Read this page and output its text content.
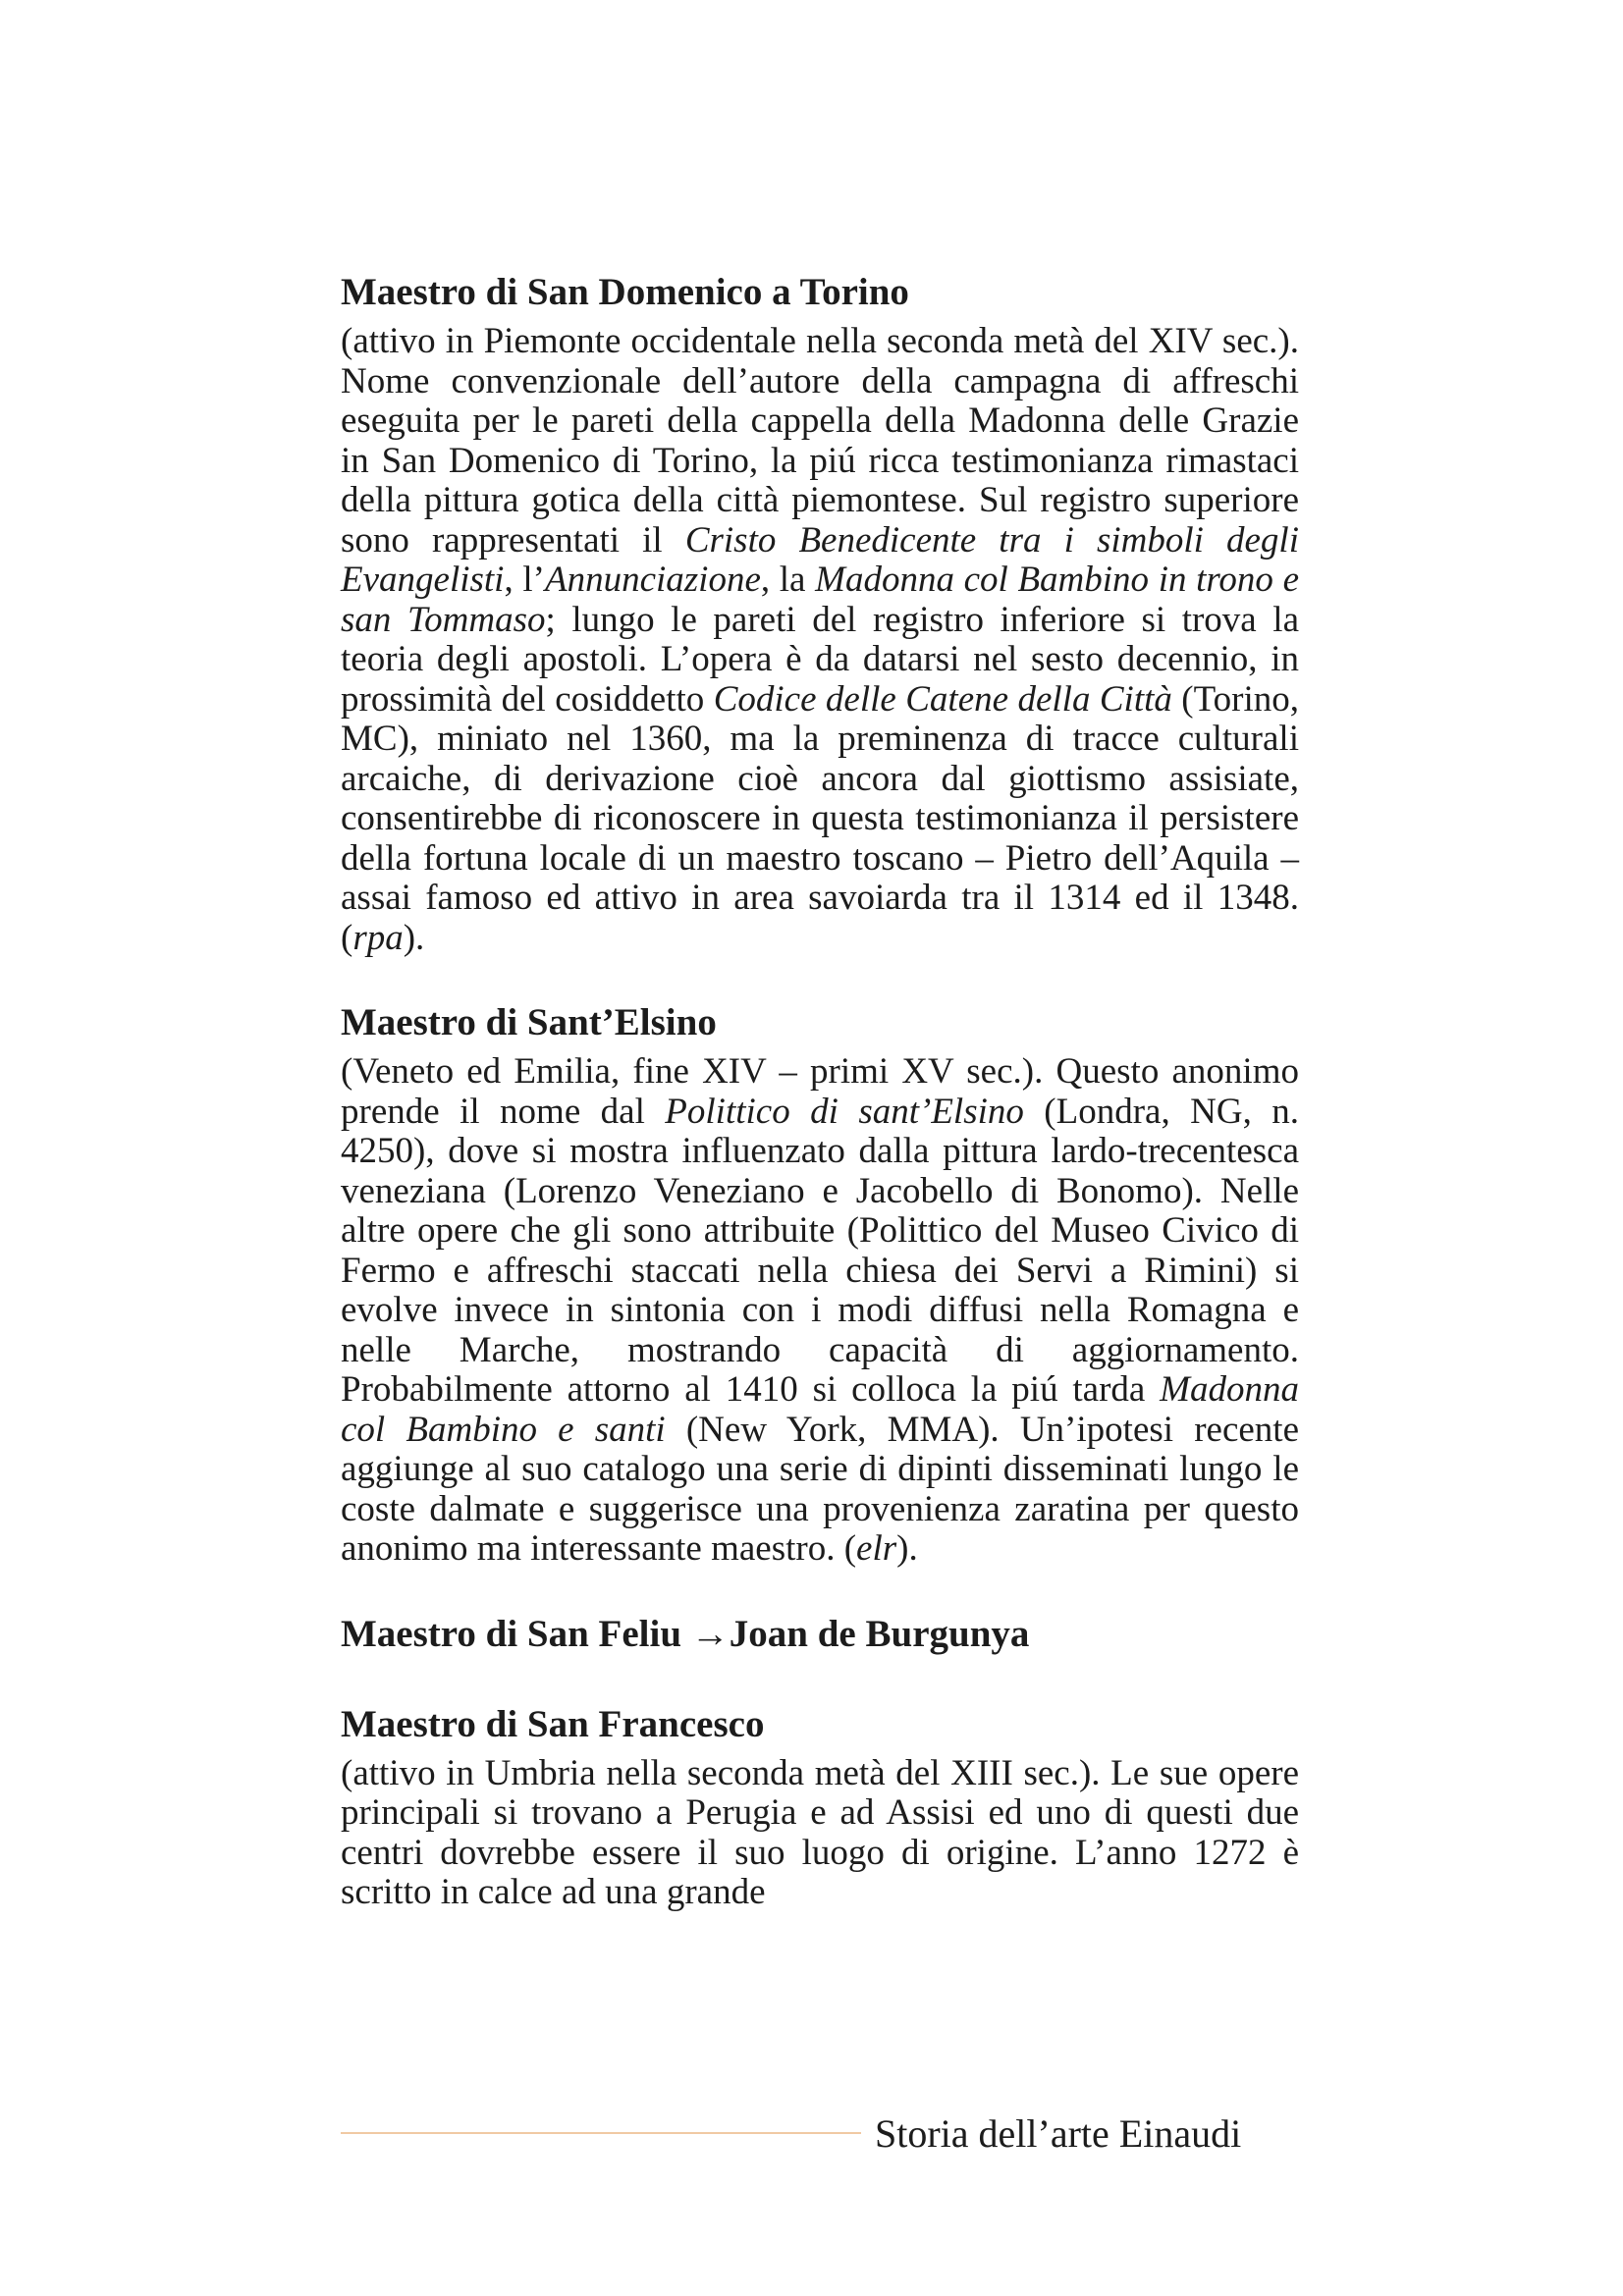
Maestro di San Domenico a Torino

(attivo in Piemonte occidentale nella seconda metà del XIV sec.). Nome convenzionale dell’autore della campagna di affreschi eseguita per le pareti della cappella della Madonna delle Grazie in San Domenico di Torino, la piú ricca testimonianza rimastaci della pittura gotica della città piemontese. Sul registro superiore sono rappresentati il Cristo Benedicente tra i simboli degli Evangelisti, l’Annunciazione, la Madonna col Bambino in trono e san Tommaso; lungo le pareti del registro inferiore si trova la teoria degli apostoli. L’opera è da datarsi nel sesto decennio, in prossimità del cosiddetto Codice delle Catene della Città (Torino, MC), miniato nel 1360, ma la preminenza di tracce culturali arcaiche, di derivazione cioè ancora dal giottismo assisiate, consentirebbe di riconoscere in questa testimonianza il persistere della fortuna locale di un maestro toscano – Pietro dell’Aquila – assai famoso ed attivo in area savoiarda tra il 1314 ed il 1348. (rpa).

Maestro di Sant’Elsino

(Veneto ed Emilia, fine XIV – primi XV sec.). Questo anonimo prende il nome dal Polittico di sant’Elsino (Londra, NG, n. 4250), dove si mostra influenzato dalla pittura lardo-trecentesca veneziana (Lorenzo Veneziano e Jacobello di Bonomo). Nelle altre opere che gli sono attribuite (Polittico del Museo Civico di Fermo e affreschi staccati nella chiesa dei Servi a Rimini) si evolve invece in sintonia con i modi diffusi nella Romagna e nelle Marche, mostrando capacità di aggiornamento. Probabilmente attorno al 1410 si colloca la piú tarda Madonna col Bambino e santi (New York, MMA). Un’ipotesi recente aggiunge al suo catalogo una serie di dipinti disseminati lungo le coste dalmate e suggerisce una provenienza zaratina per questo anonimo ma interessante maestro. (elr).

Maestro di San Feliu →Joan de Burgunya
Maestro di San Francesco

(attivo in Umbria nella seconda metà del XIII sec.). Le sue opere principali si trovano a Perugia e ad Assisi ed uno di questi due centri dovrebbe essere il suo luogo di origine. L’anno 1272 è scritto in calce ad una grande

Storia dell’arte Einaudi
